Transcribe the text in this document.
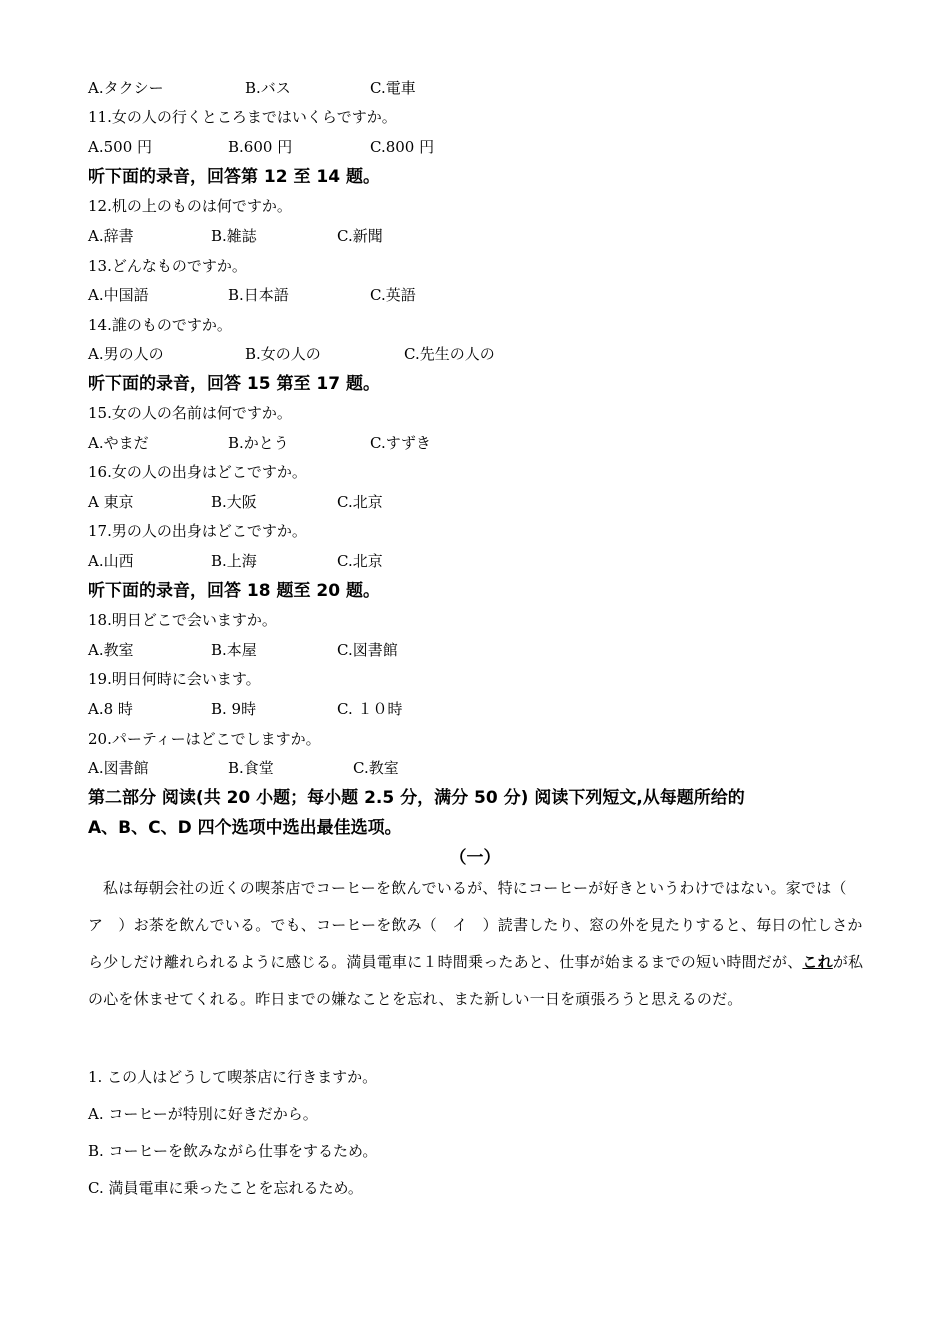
A.タクシー	B.バス	C.電車
11.女の人の行くところまではいくらですか。
A.500 円	B.600 円	C.800 円
听下面的录音，回答第 12 至 14 题。
12.机の上のものは何ですか。
A.辞書	B.雑誌	C.新聞
13.どんなものですか。
A.中国語	B.日本語	C.英語
14.誰のものですか。
A.男の人の	B.女の人の	C.先生の人の
听下面的录音，回答 15 第至 17 题。
15.女の人の名前は何ですか。
A.やまだ	B.かとう	C.すずき
16.女の人の出身はどこですか。
A 東京	B.大阪	C.北京
17.男の人の出身はどこですか。
A.山西	B.上海	C.北京
听下面的录音，回答 18 题至 20 题。
18.明日どこで会いますか。
A.教室	B.本屋	C.図書館
19.明日何時に会います。
A.8 時	B. 9時	C. １０時
20.パーティーはどこでしますか。
A.図書館	B.食堂	C.教室
第二部分 阅读(共 20 小题；每小题 2.5 分，满分 50 分) 阅读下列短文,从每题所给的
A、B、C、D 四个选项中选出最佳选项。
（一）

私は毎朝会社の近くの喫茶店でコーヒーを飲んでいるが、特にコーヒーが好きというわけではない。家では（　ア　）お茶を飲んでいる。でも、コーヒーを飲み（　イ　）読書したり、窓の外を見たりすると、毎日の忙しさから少しだけ離れられるように感じる。満員電車に１時間乗ったあと、仕事が始まるまでの短い時間だが、これが私の心を休ませてくれる。昨日までの嫌なことを忘れ、また新しい一日を頑張ろうと思えるのだ。

1. この人はどうして喫茶店に行きますか。
A. コーヒーが特別に好きだから。
B. コーヒーを飲みながら仕事をするため。
C. 満員電車に乗ったことを忘れるため。
